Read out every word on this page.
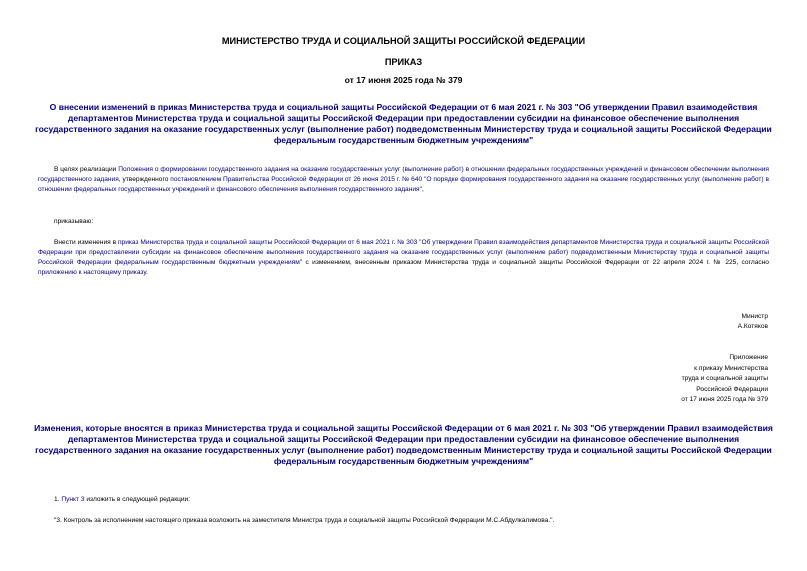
МИНИСТЕРСТВО ТРУДА И СОЦИАЛЬНОЙ ЗАЩИТЫ РОССИЙСКОЙ ФЕДЕРАЦИИ
ПРИКАЗ
от 17 июня 2025 года № 379
О внесении изменений в приказ Министерства труда и социальной защиты Российской Федерации от 6 мая 2021 г. № 303 "Об утверждении Правил взаимодействия департаментов Министерства труда и социальной защиты Российской Федерации при предоставлении субсидии на финансовое обеспечение выполнения государственного задания на оказание государственных услуг (выполнение работ) подведомственным Министерству труда и социальной защиты Российской Федерации федеральным государственным бюджетным учреждениям"
В целях реализации Положения о формировании государственного задания на оказание государственных услуг (выполнение работ) в отношении федеральных государственных учреждений и финансовом обеспечении выполнения государственного задания, утвержденного постановлением Правительства Российской Федерации от 26 июня 2015 г. № 640 "О порядке формирования государственного задания на оказание государственных услуг (выполнение работ) в отношении федеральных государственных учреждений и финансового обеспечения выполнения государственного задания",
приказываю:
Внести изменения в приказ Министерства труда и социальной защиты Российской Федерации от 6 мая 2021 г. № 303 "Об утверждении Правил взаимодействия департаментов Министерства труда и социальной защиты Российской Федерации при предоставлении субсидии на финансовое обеспечение выполнения государственного задания на оказание государственных услуг (выполнение работ) подведомственным Министерству труда и социальной защиты Российской Федерации федеральным государственным бюджетным учреждениям" с изменением, внесенным приказом Министерства труда и социальной защиты Российской Федерации от 22 апреля 2024 г. № 225, согласно приложению к настоящему приказу.
Министр
А.Котяков
Приложение
к приказу Министерства
труда и социальной защиты
Российской Федерации
от 17 июня 2025 года № 379
Изменения, которые вносятся в приказ Министерства труда и социальной защиты Российской Федерации от 6 мая 2021 г. № 303 "Об утверждении Правил взаимодействия департаментов Министерства труда и социальной защиты Российской Федерации при предоставлении субсидии на финансовое обеспечение выполнения государственного задания на оказание государственных услуг (выполнение работ) подведомственным Министерству труда и социальной защиты Российской Федерации федеральным государственным бюджетным учреждениям"
1. Пункт 3 изложить в следующей редакции:
"3. Контроль за исполнением настоящего приказа возложить на заместителя Министра труда и социальной защиты Российской Федерации М.С.Абдулкалимова.".
